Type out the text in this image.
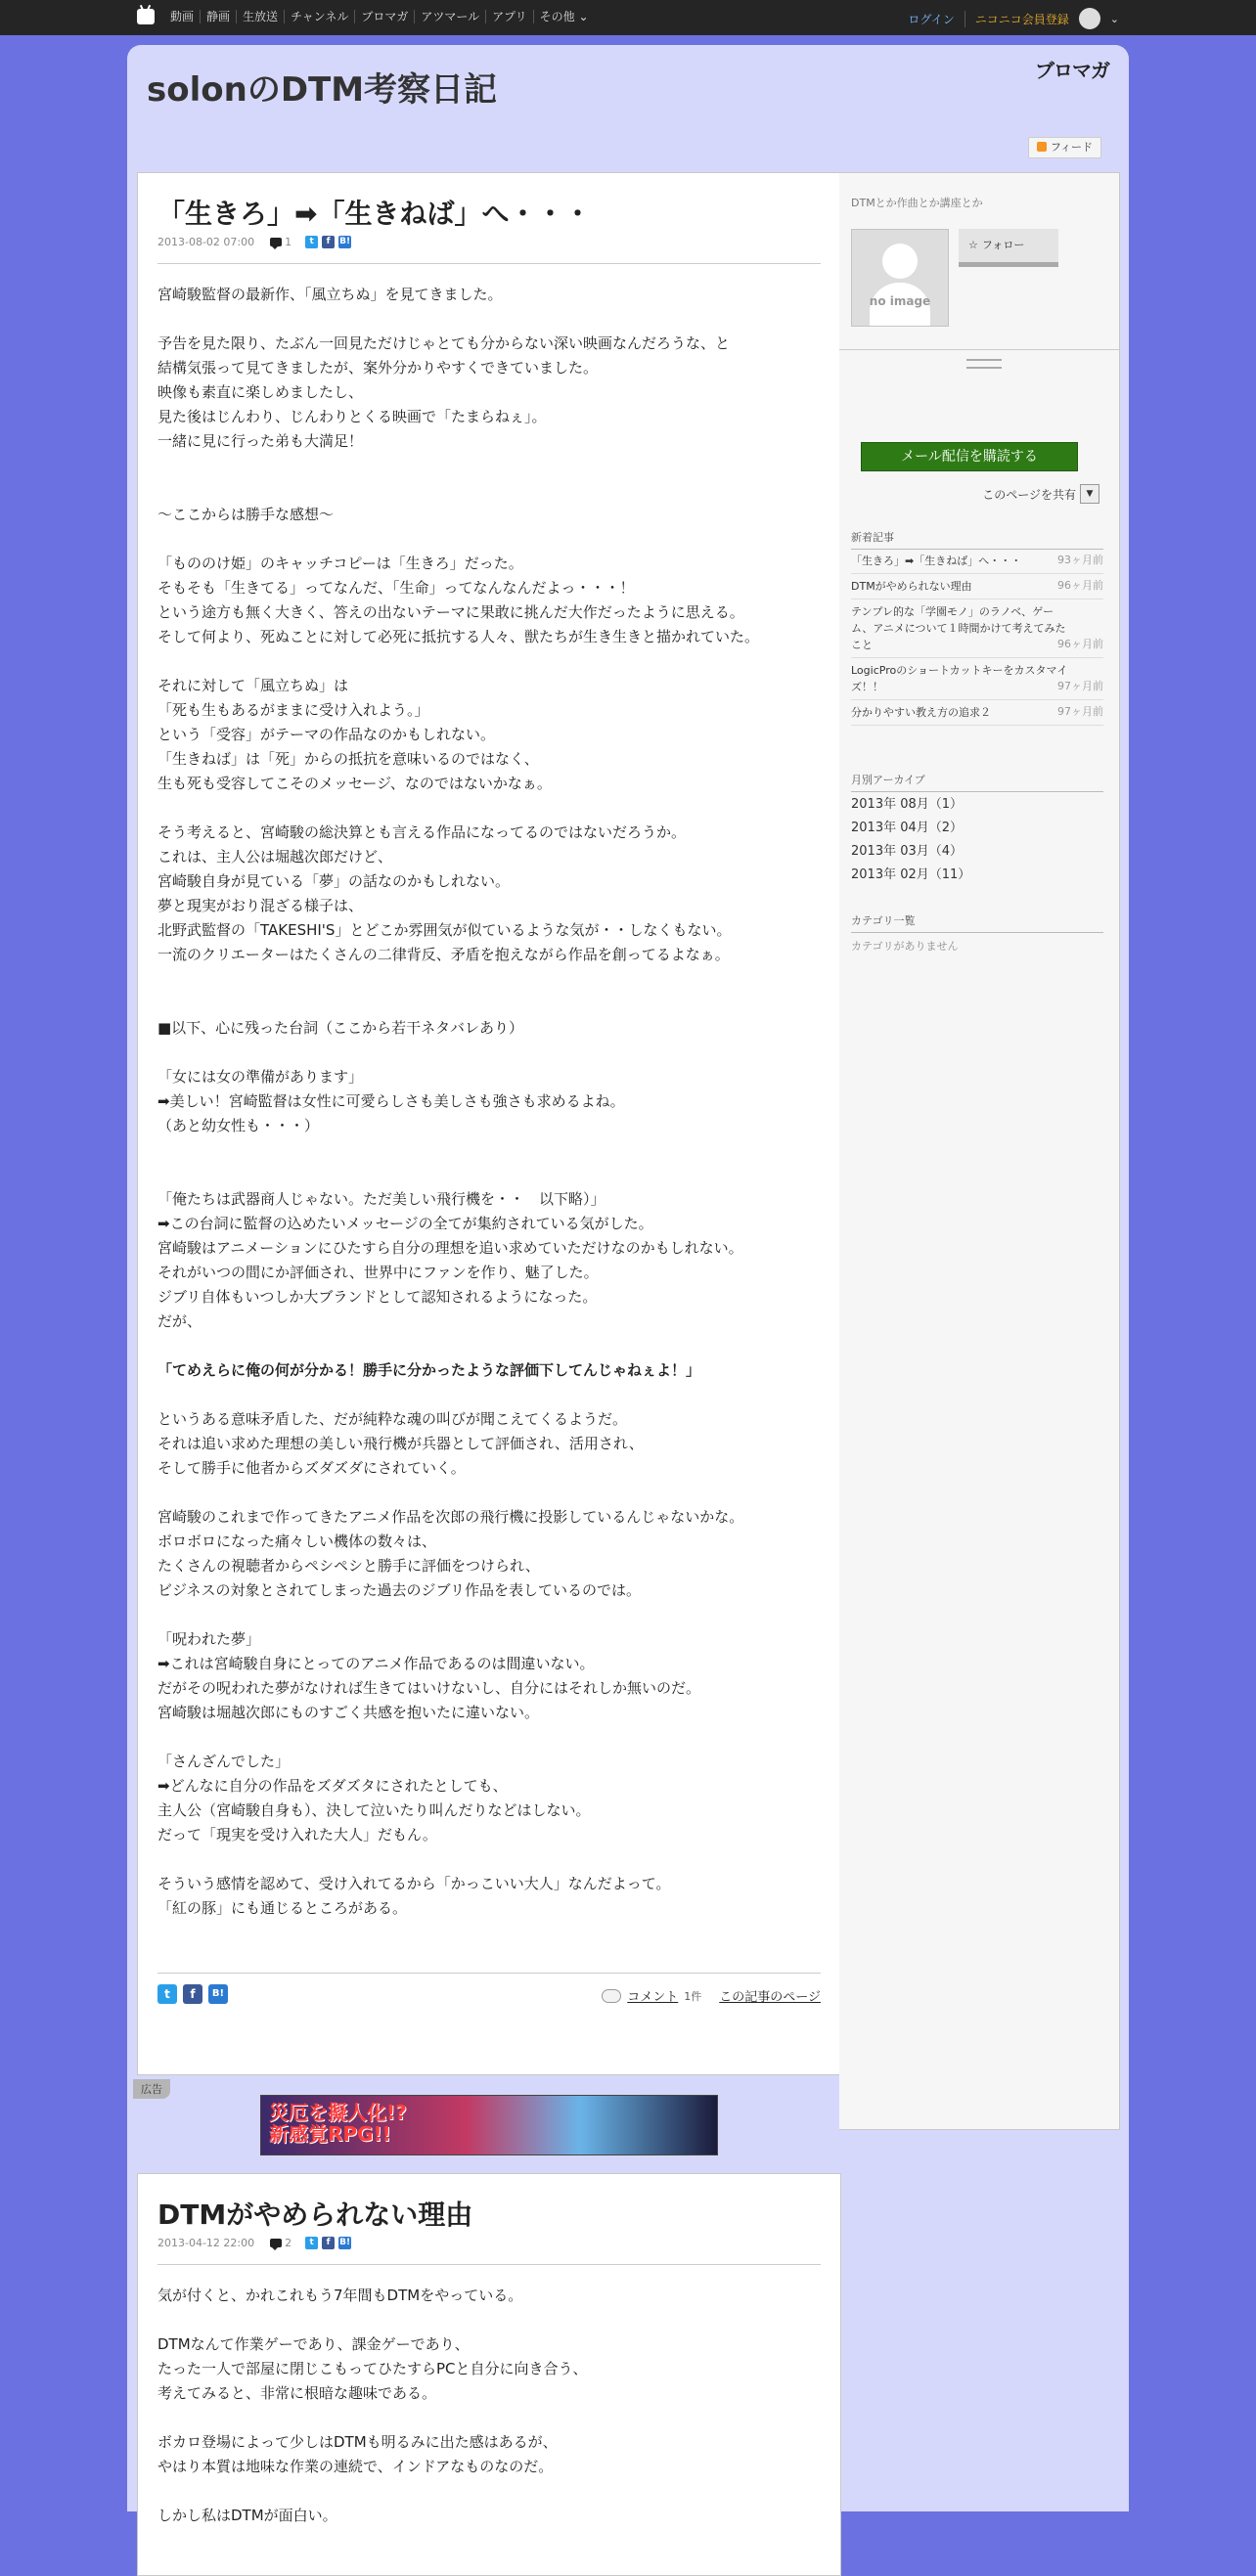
動画	静画	生放送	チャンネル	ブロマガ	アツマール	アプリ	その他 ⌄	ログイン	ニコニコ会員登録	⌄
solonのDTM考察日記	ブロマガ
フィード
「生きろ」➡「生きねば」へ・・・
2013-08-02 07:00	1	t	f	B!
宮崎駿監督の最新作、「風立ちぬ」を見てきました。

予告を見た限り、たぶん一回見ただけじゃとても分からない深い映画なんだろうな、と
結構気張って見てきましたが、案外分かりやすくできていました。
映像も素直に楽しめましたし、
見た後はじんわり、じんわりとくる映画で「たまらねぇ」。
一緒に見に行った弟も大満足！

〜ここからは勝手な感想〜

「もののけ姫」のキャッチコピーは「生きろ」だった。
そもそも「生きてる」ってなんだ、「生命」ってなんなんだよっ・・・！
という途方も無く大きく、答えの出ないテーマに果敢に挑んだ大作だったように思える。
そして何より、死ぬことに対して必死に抵抗する人々、獣たちが生き生きと描かれていた。

それに対して「風立ちぬ」は
「死も生もあるがままに受け入れよう。」
という「受容」がテーマの作品なのかもしれない。
「生きねば」は「死」からの抵抗を意味いるのではなく、
生も死も受容してこそのメッセージ、なのではないかなぁ。

そう考えると、宮崎駿の総決算とも言える作品になってるのではないだろうか。
これは、主人公は堀越次郎だけど、
宮崎駿自身が見ている「夢」の話なのかもしれない。
夢と現実がおり混ざる様子は、
北野武監督の「TAKESHI'S」とどこか雰囲気が似ているような気が・・しなくもない。
一流のクリエーターはたくさんの二律背反、矛盾を抱えながら作品を創ってるよなぁ。

■以下、心に残った台詞（ここから若干ネタバレあり）

「女には女の準備があります」
➡美しい！宮崎監督は女性に可愛らしさも美しさも強さも求めるよね。
（あと幼女性も・・・）

「俺たちは武器商人じゃない。ただ美しい飛行機を・・　以下略）」
➡この台詞に監督の込めたいメッセージの全てが集約されている気がした。
宮崎駿はアニメーションにひたすら自分の理想を追い求めていただけなのかもしれない。
それがいつの間にか評価され、世界中にファンを作り、魅了した。
ジブリ自体もいつしか大ブランドとして認知されるようになった。
だが、

「てめえらに俺の何が分かる！勝手に分かったような評価下してんじゃねぇよ！」

というある意味矛盾した、だが純粋な魂の叫びが聞こえてくるようだ。
それは追い求めた理想の美しい飛行機が兵器として評価され、活用され、
そして勝手に他者からズダズダにされていく。

宮崎駿のこれまで作ってきたアニメ作品を次郎の飛行機に投影しているんじゃないかな。
ボロボロになった痛々しい機体の数々は、
たくさんの視聴者からペシペシと勝手に評価をつけられ、
ビジネスの対象とされてしまった過去のジブリ作品を表しているのでは。

「呪われた夢」
➡これは宮崎駿自身にとってのアニメ作品であるのは間違いない。
だがその呪われた夢がなければ生きてはいけないし、自分にはそれしか無いのだ。
宮崎駿は堀越次郎にものすごく共感を抱いたに違いない。

「さんざんでした」
➡どんなに自分の作品をズダズタにされたとしても、
主人公（宮崎駿自身も）、決して泣いたり叫んだりなどはしない。
だって「現実を受け入れた大人」だもん。

そういう感情を認めて、受け入れてるから「かっこいい大人」なんだよって。
「紅の豚」にも通じるところがある。
t	f	B!	コメント 1件 この記事のページ
広告
災厄を擬人化!?
新感覚RPG!!
DTMがやめられない理由
2013-04-12 22:00	2	t	f	B!
気が付くと、かれこれもう7年間もDTMをやっている。

DTMなんて作業ゲーであり、課金ゲーであり、
たった一人で部屋に閉じこもってひたすらPCと自分に向き合う、
考えてみると、非常に根暗な趣味である。

ボカロ登場によって少しはDTMも明るみに出た感はあるが、
やはり本質は地味な作業の連続で、インドアなものなのだ。

しかし私はDTMが面白い。
DTMとか作曲とか講座とか
no image
☆ フォロー
メール配信を購読する
このページを共有	▼
新着記事
「生きろ」➡「生きねば」へ・・・	93ヶ月前
DTMがやめられない理由	96ヶ月前
テンプレ的な「学園モノ」のラノベ、ゲーム、アニメについて１時間かけて考えてみたこと	96ヶ月前
LogicProのショートカットキーをカスタマイズ！！	97ヶ月前
分かりやすい教え方の追求２	97ヶ月前
月別アーカイブ
2013年 08月（1）
2013年 04月（2）
2013年 03月（4）
2013年 02月（11）
カテゴリ一覧
カテゴリがありません
